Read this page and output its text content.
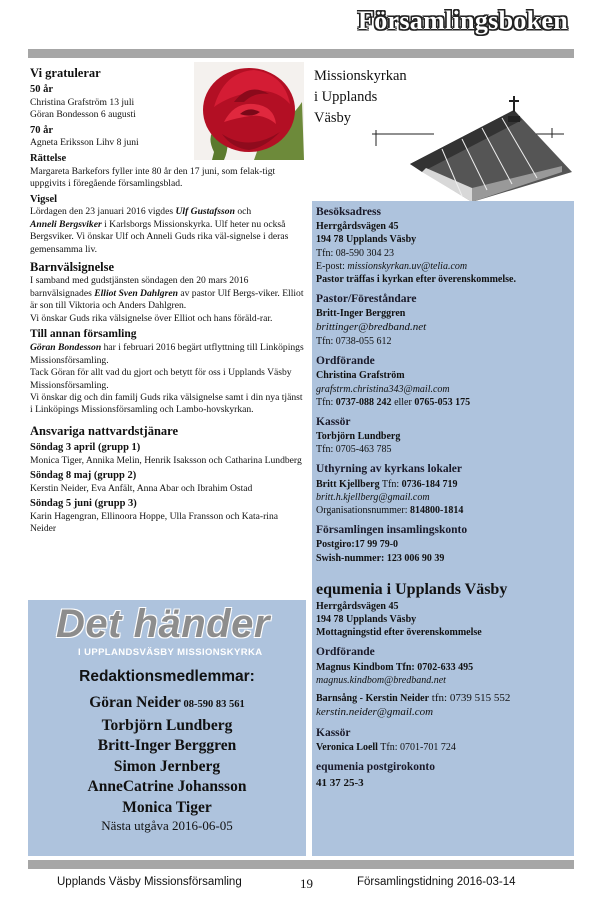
Församlingsboken
Vi gratulerar
50 år

Christina Grafström 13 juli

Göran Bondesson 6 augusti

70 år

Agneta Eriksson Lihv 8 juni

Rättelse

Margareta Barkefors fyller inte 80 år den 17 juni, som felak-tigt uppgivits i föregående församlingsblad.

Vigsel

Lördagen den 23 januari 2016 vigdes Ulf Gustafsson och
Anneli Bergsviker i Karlsborgs Missionskyrka. Ulf heter nu också Bergsviker. Vi önskar Ulf och Anneli Guds rika väl-signelse i deras gemensamma liv.

Barnvälsignelse

I samband med gudstjänsten söndagen den 20 mars 2016 barnvälsignades Elliot Sven Dahlgren av pastor Ulf Bergs-viker. Elliot är son till Viktoria och Anders Dahlgren.

Vi önskar Guds rika välsignelse över Elliot och hans föräld-rar.

Till annan församling

Göran Bondesson har i februari 2016 begärt utflyttning till Linköpings Missionsförsamling.

Tack Göran för allt vad du gjort och betytt för oss i Upplands Väsby Missionsförsamling.

Vi önskar dig och din familj Guds rika välsignelse samt i din nya tjänst i Linköpings Missionsförsamling och Lambo-hovskyrkan.

Ansvariga nattvardstjänare
Söndag 3 april (grupp 1)

Monica Tiger, Annika Melin, Henrik Isaksson och Catharina Lundberg

Söndag 8 maj (grupp 2)

Kerstin Neider, Eva Anfält, Anna Abar och Ibrahim Ostad

Söndag 5 juni (grupp 3)

Karin Hagengran, Ellinoora Hoppe, Ulla Fransson och Kata-rina Neider

Missionskyrkan
i Upplands
Väsby
Besöksadress
Herrgårdsvägen 45
194 78 Upplands Väsby
Tfn: 08-590 304 23
E-post: missionskyrkan.uv@telia.com
Pastor träffas i kyrkan efter överenskommelse.
Pastor/Föreståndare
Britt-Inger Berggren
brittinger@bredband.net
Tfn: 0738-055 612
Ordförande
Christina Grafström
grafstrm.christina343@mail.com
Tfn: 0737-088 242 eller 0765-053 175
Kassör
Torbjörn Lundberg
Tfn: 0705-463 785
Uthyrning av kyrkans lokaler
Britt Kjellberg Tfn: 0736-184 719
britt.h.kjellberg@gmail.com
Organisationsnummer: 814800-1814
Församlingen insamlingskonto
Postgiro:17 99 79-0
Swish-nummer: 123 006 90 39
equmenia i Upplands Väsby
Herrgårdsvägen 45
194 78 Upplands Väsby
Mottagningstid efter överenskommelse
Ordförande
Magnus Kindbom Tfn: 0702-633 495
magnus.kindbom@bredband.net
Barnsång - Kerstin Neider tfn: 0739 515 552
kerstin.neider@gmail.com
Kassör
Veronica Loell Tfn: 0701-701 724
equmenia postgirokonto
41 37 25-3
Det händer
I UPPLANDSVÄSBY MISSIONSKYRKA
Redaktionsmedlemmar:
Göran Neider 08-590 83 561
Torbjörn Lundberg
Britt-Inger Berggren
Simon Jernberg
AnneCatrine Johansson
Monica Tiger
Nästa utgåva 2016-06-05
Upplands Väsby Missionsförsamling	19	Församlingstidning 2016-03-14
